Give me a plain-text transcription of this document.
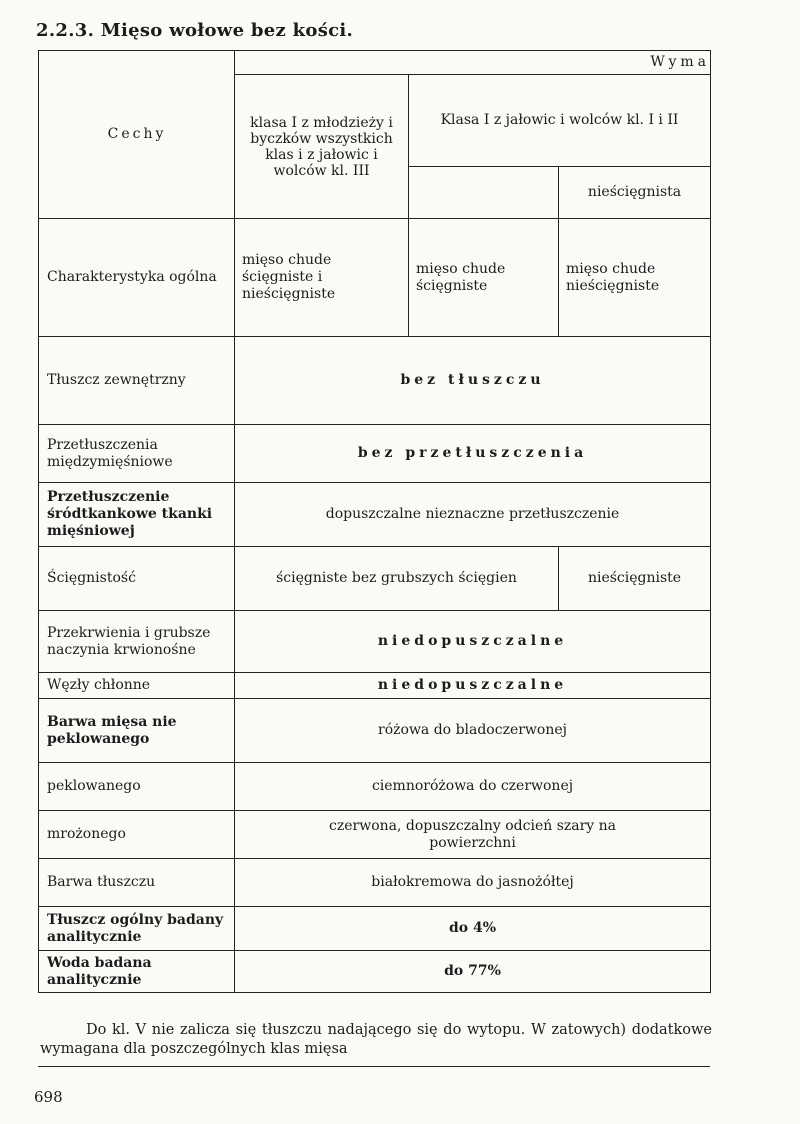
2.2.3. Mięso wołowe bez kości.
Cechy	Wyma		
	klasa I z młodzieży i byczków wszystkich klas i z jałowic i wolców kl. III	Klasa I z jałowic i wolców kl. I i II	
			nieścięgnista
Charakterystyka ogólna	mięso chude ścięgniste i nieścięgniste	mięso chude ścięgniste	mięso chude nieścięgniste
Tłuszcz zewnętrzny	bez tłuszczu		
Przetłuszczenia międzymięśniowe	bez przetłuszczenia		
Przetłuszczenie śródtkankowe tkanki mięśniowej	dopuszczalne nieznaczne przetłuszczenie		
Ścięgnistość	ścięgniste bez grubszych ścięgien		nieścięgniste
Przekrwienia i grubsze naczynia krwionośne	niedopuszczalne		
Węzły chłonne	niedopuszczalne		
Barwa mięsa nie peklowanego	różowa do bladoczerwonej		
peklowanego	ciemnoróżowa do czerwonej		
mrożonego	czerwona, dopuszczalny odcień szary na powierzchni		
Barwa tłuszczu	białokremowa do jasnożółtej		
Tłuszcz ogólny badany analitycznie	do 4%		
Woda badana analitycznie	do 77%		
Do kl. V nie zalicza się tłuszczu nadającego się do wytopu. W zatowych) dodatkowe wymagana dla poszczególnych klas mięsa
698
